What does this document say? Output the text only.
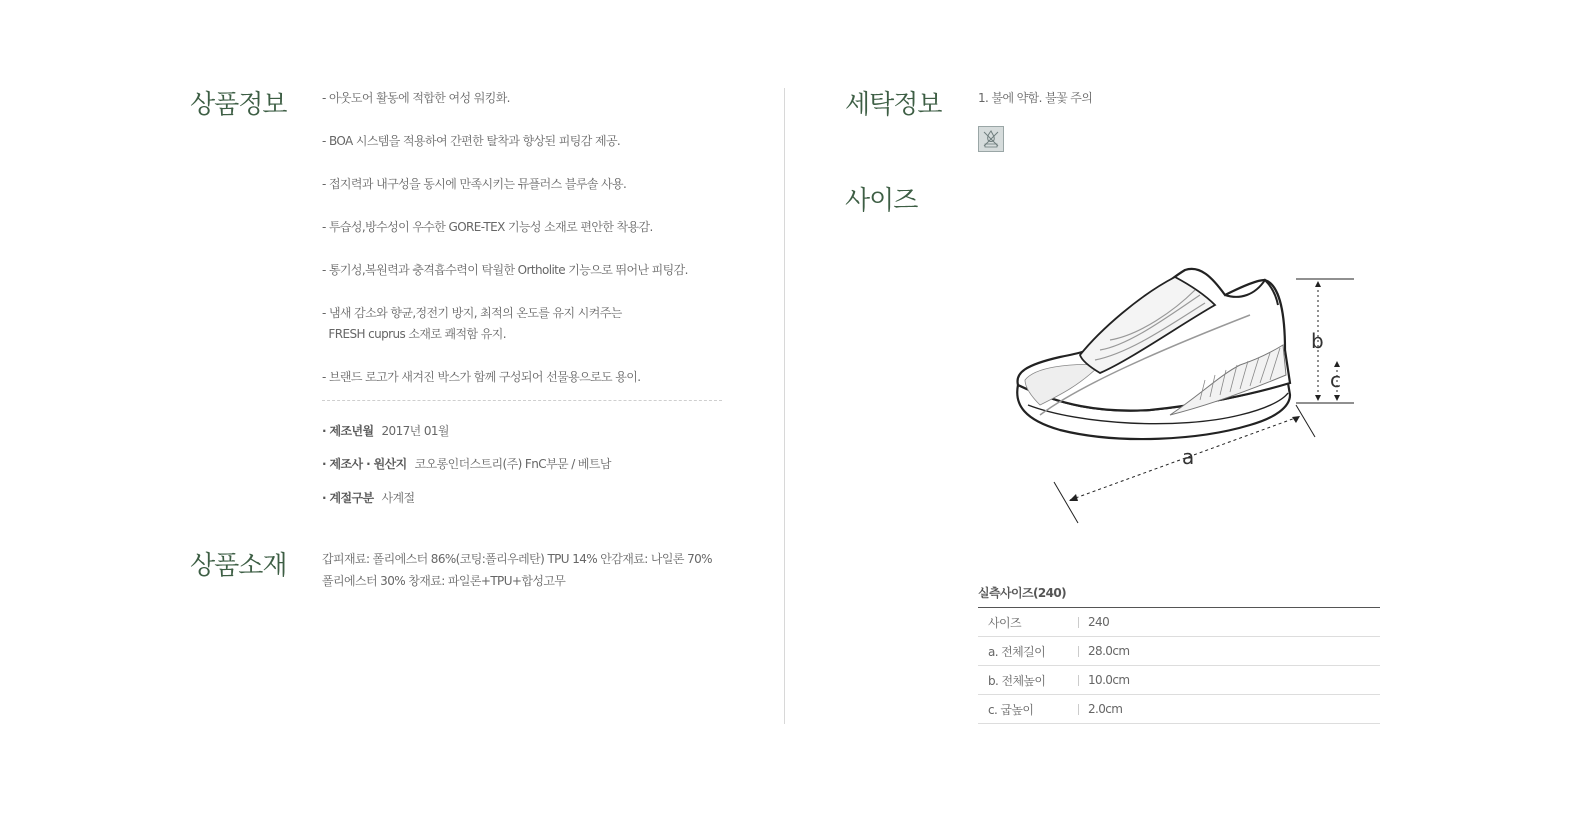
상품정보	- 아웃도어 활동에 적합한 여성 워킹화.
- BOA 시스템을 적용하여 간편한 탈착과 향상된 피팅감 제공.
- 접지력과 내구성을 동시에 만족시키는 뮤플러스 블루솔 사용.
- 투습성,방수성이 우수한 GORE-TEX 기능성 소재로 편안한 착용감.
- 통기성,복원력과 충격흡수력이 탁월한 Ortholite 기능으로 뛰어난 피팅감.
- 냄새 감소와 향균,정전기 방지, 최적의 온도를 유지 시켜주는
FRESH cuprus 소재로 쾌적함 유지.
- 브랜드 로고가 새겨진 박스가 함께 구성되어 선물용으로도 용이.
· 제조년월 2017년 01월
· 제조사 · 원산지 코오롱인더스트리(주) FnC부문 / 베트남
· 계절구분 사계절
상품소재	갑피재료: 폴리에스터 86%(코팅:폴리우레탄) TPU 14% 안감재료: 나일론 70% 폴리에스터 30% 창재료: 파일론+TPU+합성고무
세탁정보	1. 불에 약함. 불꽃 주의
사이즈
b
c
a
실측사이즈(240)
사이즈	240
a. 전체길이	28.0cm
b. 전체높이	10.0cm
c. 굽높이	2.0cm
